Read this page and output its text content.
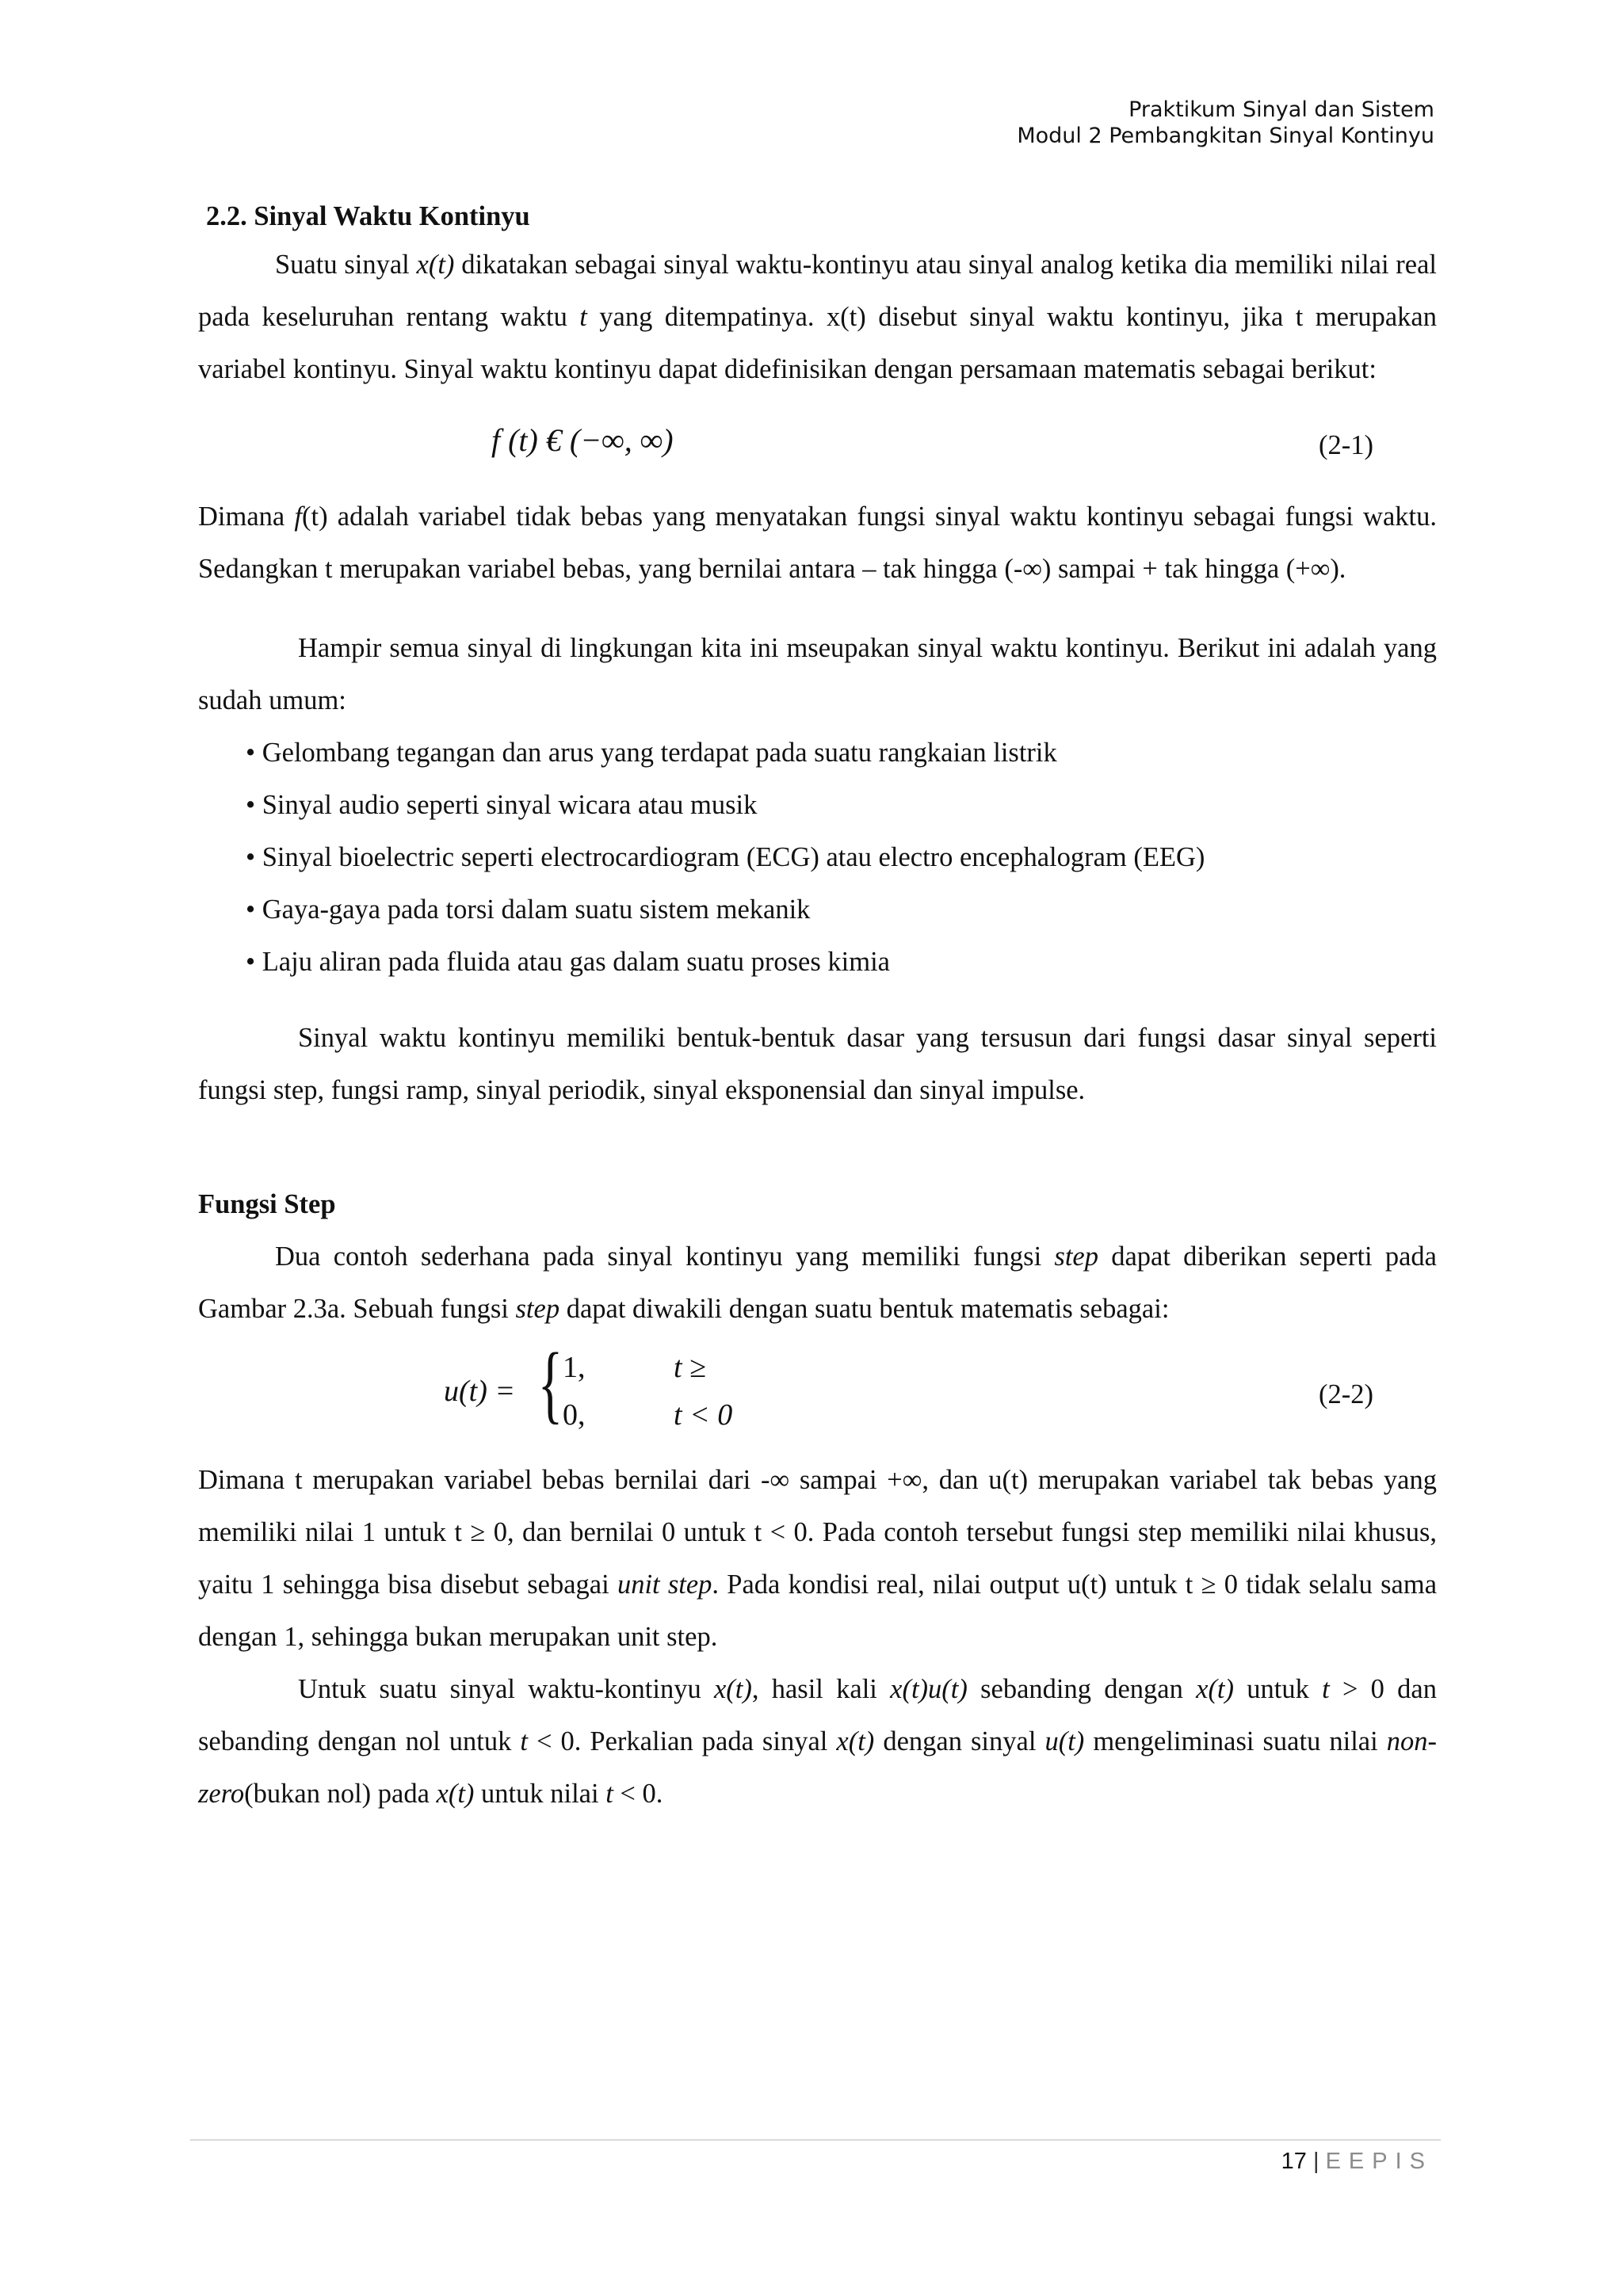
Praktikum Sinyal dan Sistem
Modul 2 Pembangkitan Sinyal Kontinyu
2.2. Sinyal Waktu Kontinyu

Suatu sinyal x(t) dikatakan sebagai sinyal waktu-kontinyu atau sinyal analog ketika dia memiliki nilai real pada keseluruhan rentang waktu t yang ditempatinya. x(t) disebut sinyal waktu kontinyu, jika t merupakan variabel kontinyu. Sinyal waktu kontinyu dapat didefinisikan dengan persamaan matematis sebagai berikut:

f (t) € (−∞, ∞)	(2-1)

Dimana f(t) adalah variabel tidak bebas yang menyatakan fungsi sinyal waktu kontinyu sebagai fungsi waktu. Sedangkan t merupakan variabel bebas, yang bernilai antara – tak hingga (-∞) sampai + tak hingga (+∞).

Hampir semua sinyal di lingkungan kita ini mseupakan sinyal waktu kontinyu. Berikut ini adalah yang sudah umum:

• Gelombang tegangan dan arus yang terdapat pada suatu rangkaian listrik
• Sinyal audio seperti sinyal wicara atau musik
• Sinyal bioelectric seperti electrocardiogram (ECG) atau electro encephalogram (EEG)
• Gaya-gaya pada torsi dalam suatu sistem mekanik
• Laju aliran pada fluida atau gas dalam suatu proses kimia

Sinyal waktu kontinyu memiliki bentuk-bentuk dasar yang tersusun dari fungsi dasar sinyal seperti fungsi step, fungsi ramp, sinyal periodik, sinyal eksponensial dan sinyal impulse.

Fungsi Step

Dua contoh sederhana pada sinyal kontinyu yang memiliki fungsi step dapat diberikan seperti pada Gambar 2.3a. Sebuah fungsi step dapat diwakili dengan suatu bentuk matematis sebagai:

u(t) = { 1,	t ≥
0,	t < 0
(2-2)

Dimana t merupakan variabel bebas bernilai dari -∞ sampai +∞, dan u(t) merupakan variabel tak bebas yang memiliki nilai 1 untuk t ≥ 0, dan bernilai 0 untuk t < 0. Pada contoh tersebut fungsi step memiliki nilai khusus, yaitu 1 sehingga bisa disebut sebagai unit step. Pada kondisi real, nilai output u(t) untuk t ≥ 0 tidak selalu sama dengan 1, sehingga bukan merupakan unit step.

Untuk suatu sinyal waktu-kontinyu x(t), hasil kali x(t)u(t) sebanding dengan x(t) untuk t > 0 dan sebanding dengan nol untuk t < 0. Perkalian pada sinyal x(t) dengan sinyal u(t) mengeliminasi suatu nilai non-zero(bukan nol) pada x(t) untuk nilai t < 0.

17 | EEPIS
